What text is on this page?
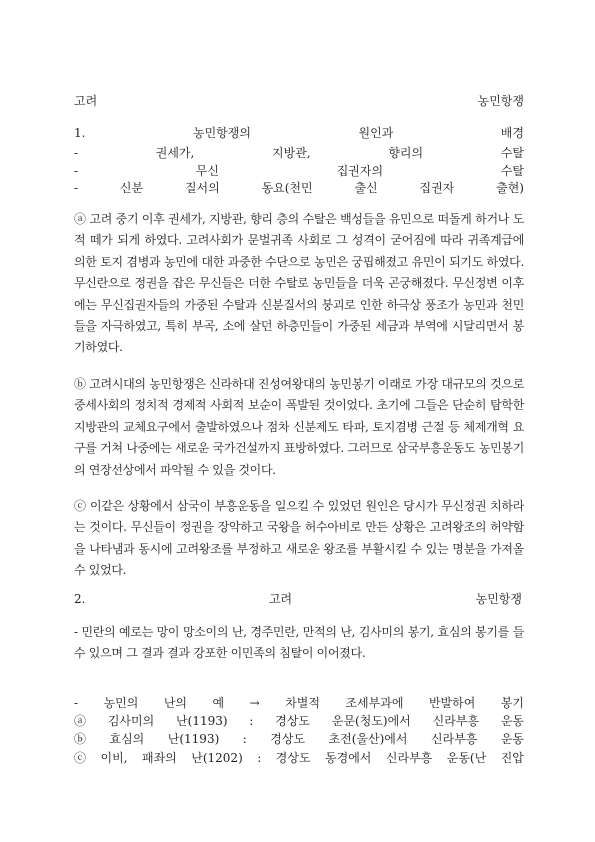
고려	농민항쟁
1.	농민항쟁의	원인과	배경
-	권세가,	지방관,	향리의	수탈
-	무신	집권자의	수탈
-	신분	질서의	동요(천민	출신	집권자	출현)
ⓐ 고려 중기 이후 권세가, 지방관, 향리 층의 수탈은 백성들을 유민으로 떠돌게 하거나 도적 떼가 되게 하였다. 고려사회가 문벌귀족 사회로 그 성격이 굳어짐에 따라 귀족계급에 의한 토지 겸병과 농민에 대한 과중한 수단으로 농민은 궁핍해졌고 유민이 되기도 하였다. 무신란으로 정권을 잡은 무신들은 더한 수탈로 농민들을 더욱 곤궁해졌다. 무신정변 이후에는 무신집권자들의 가중된 수탈과 신분질서의 붕괴로 인한 하극상 풍조가 농민과 천민들을 자극하였고, 특히 부곡, 소에 살던 하층민들이 가중된 세금과 부역에 시달리면서 봉기하였다.
ⓑ 고려시대의 농민항쟁은 신라하대 진성여왕대의 농민봉기 이래로 가장 대규모의 것으로 중세사회의 정치적 경제적 사회적 보순이 폭발된 것이었다. 초기에 그들은 단순히 탐학한 지방관의 교체요구에서 출발하였으나 점차 신분제도 타파, 토지겸병 근절 등 체제개혁 요구를 거쳐 나중에는 새로운 국가건설까지 표방하였다. 그러므로 삼국부흥운동도 농민봉기의 연장선상에서 파악될 수 있을 것이다.
ⓒ 이같은 상황에서 삼국이 부흥운동을 일으킬 수 있었던 원인은 당시가 무신정권 치하라는 것이다. 무신들이 정권을 장악하고 국왕을 허수아비로 만든 상황은 고려왕조의 허약함을 나타냄과 동시에 고려왕조를 부정하고 새로운 왕조를 부활시킬 수 있는 명분을 가져올 수 있었다.
2.	고려	농민항쟁
- 민란의 예로는 망이 망소이의 난, 경주민란, 만적의 난, 김사미의 봉기, 효심의 봉기를 들 수 있으며 그 결과 결과 강포한 이민족의 침탈이 이어졌다.
- 농민의 난의 예 → 차별적 조세부과에 반발하여 봉기
ⓐ 김사미의 난(1193) : 경상도 운문(청도)에서 신라부흥 운동
ⓑ 효심의 난(1193) : 경상도 초전(울산)에서 신라부흥 운동
ⓒ 이비, 패좌의 난(1202) : 경상도 동경에서 신라부흥 운동(난 진압
